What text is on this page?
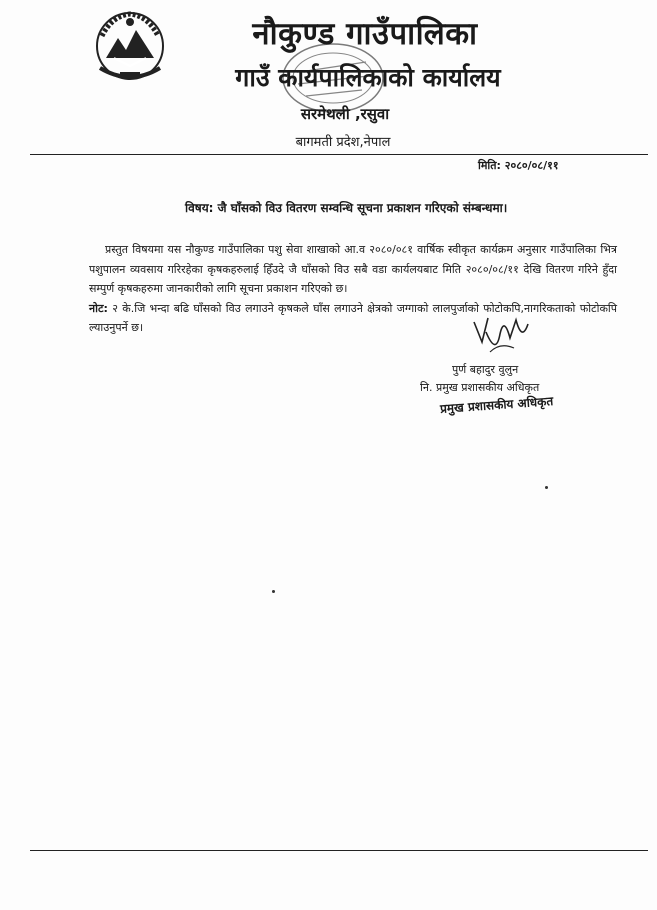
नौकुण्ड गाउँपालिका
गाउँ कार्यपालिकाको कार्यालय
सरमेथली ,रसुवा
बागमती प्रदेश,नेपाल
मिति: २०८०/०८/११
विषय: जै घाँसको विउ वितरण सम्वन्धि सूचना प्रकाशन गरिएको संम्बन्धमा।

प्रस्तुत विषयमा यस नौकुण्ड गाउँपालिका पशु सेवा शाखाको आ.व २०८०/०८१ वार्षिक स्वीकृत कार्यक्रम अनुसार गाउँपालिका भित्र पशुपालन व्यवसाय गरिरहेका कृषकहरुलाई हिँउदे जै घाँसको विउ सबै वडा कार्यलयबाट मिति २०८०/०८/११ देखि वितरण गरिने हुँदा सम्पुर्ण कृषकहरुमा जानकारीको लागि सूचना प्रकाशन गरिएको छ।

नोट: २ के.जि भन्दा बढि घाँसको विउ लगाउने कृषकले घाँस लगाउने क्षेत्रको जग्गाको लालपुर्जाको फोटोकपि,नागरिकताको फोटोकपि ल्याउनुपर्ने छ।

पुर्ण बहादुर वुलुन
नि. प्रमुख प्रशासकीय अधिकृत
प्रमुख प्रशासकीय अधिकृत
